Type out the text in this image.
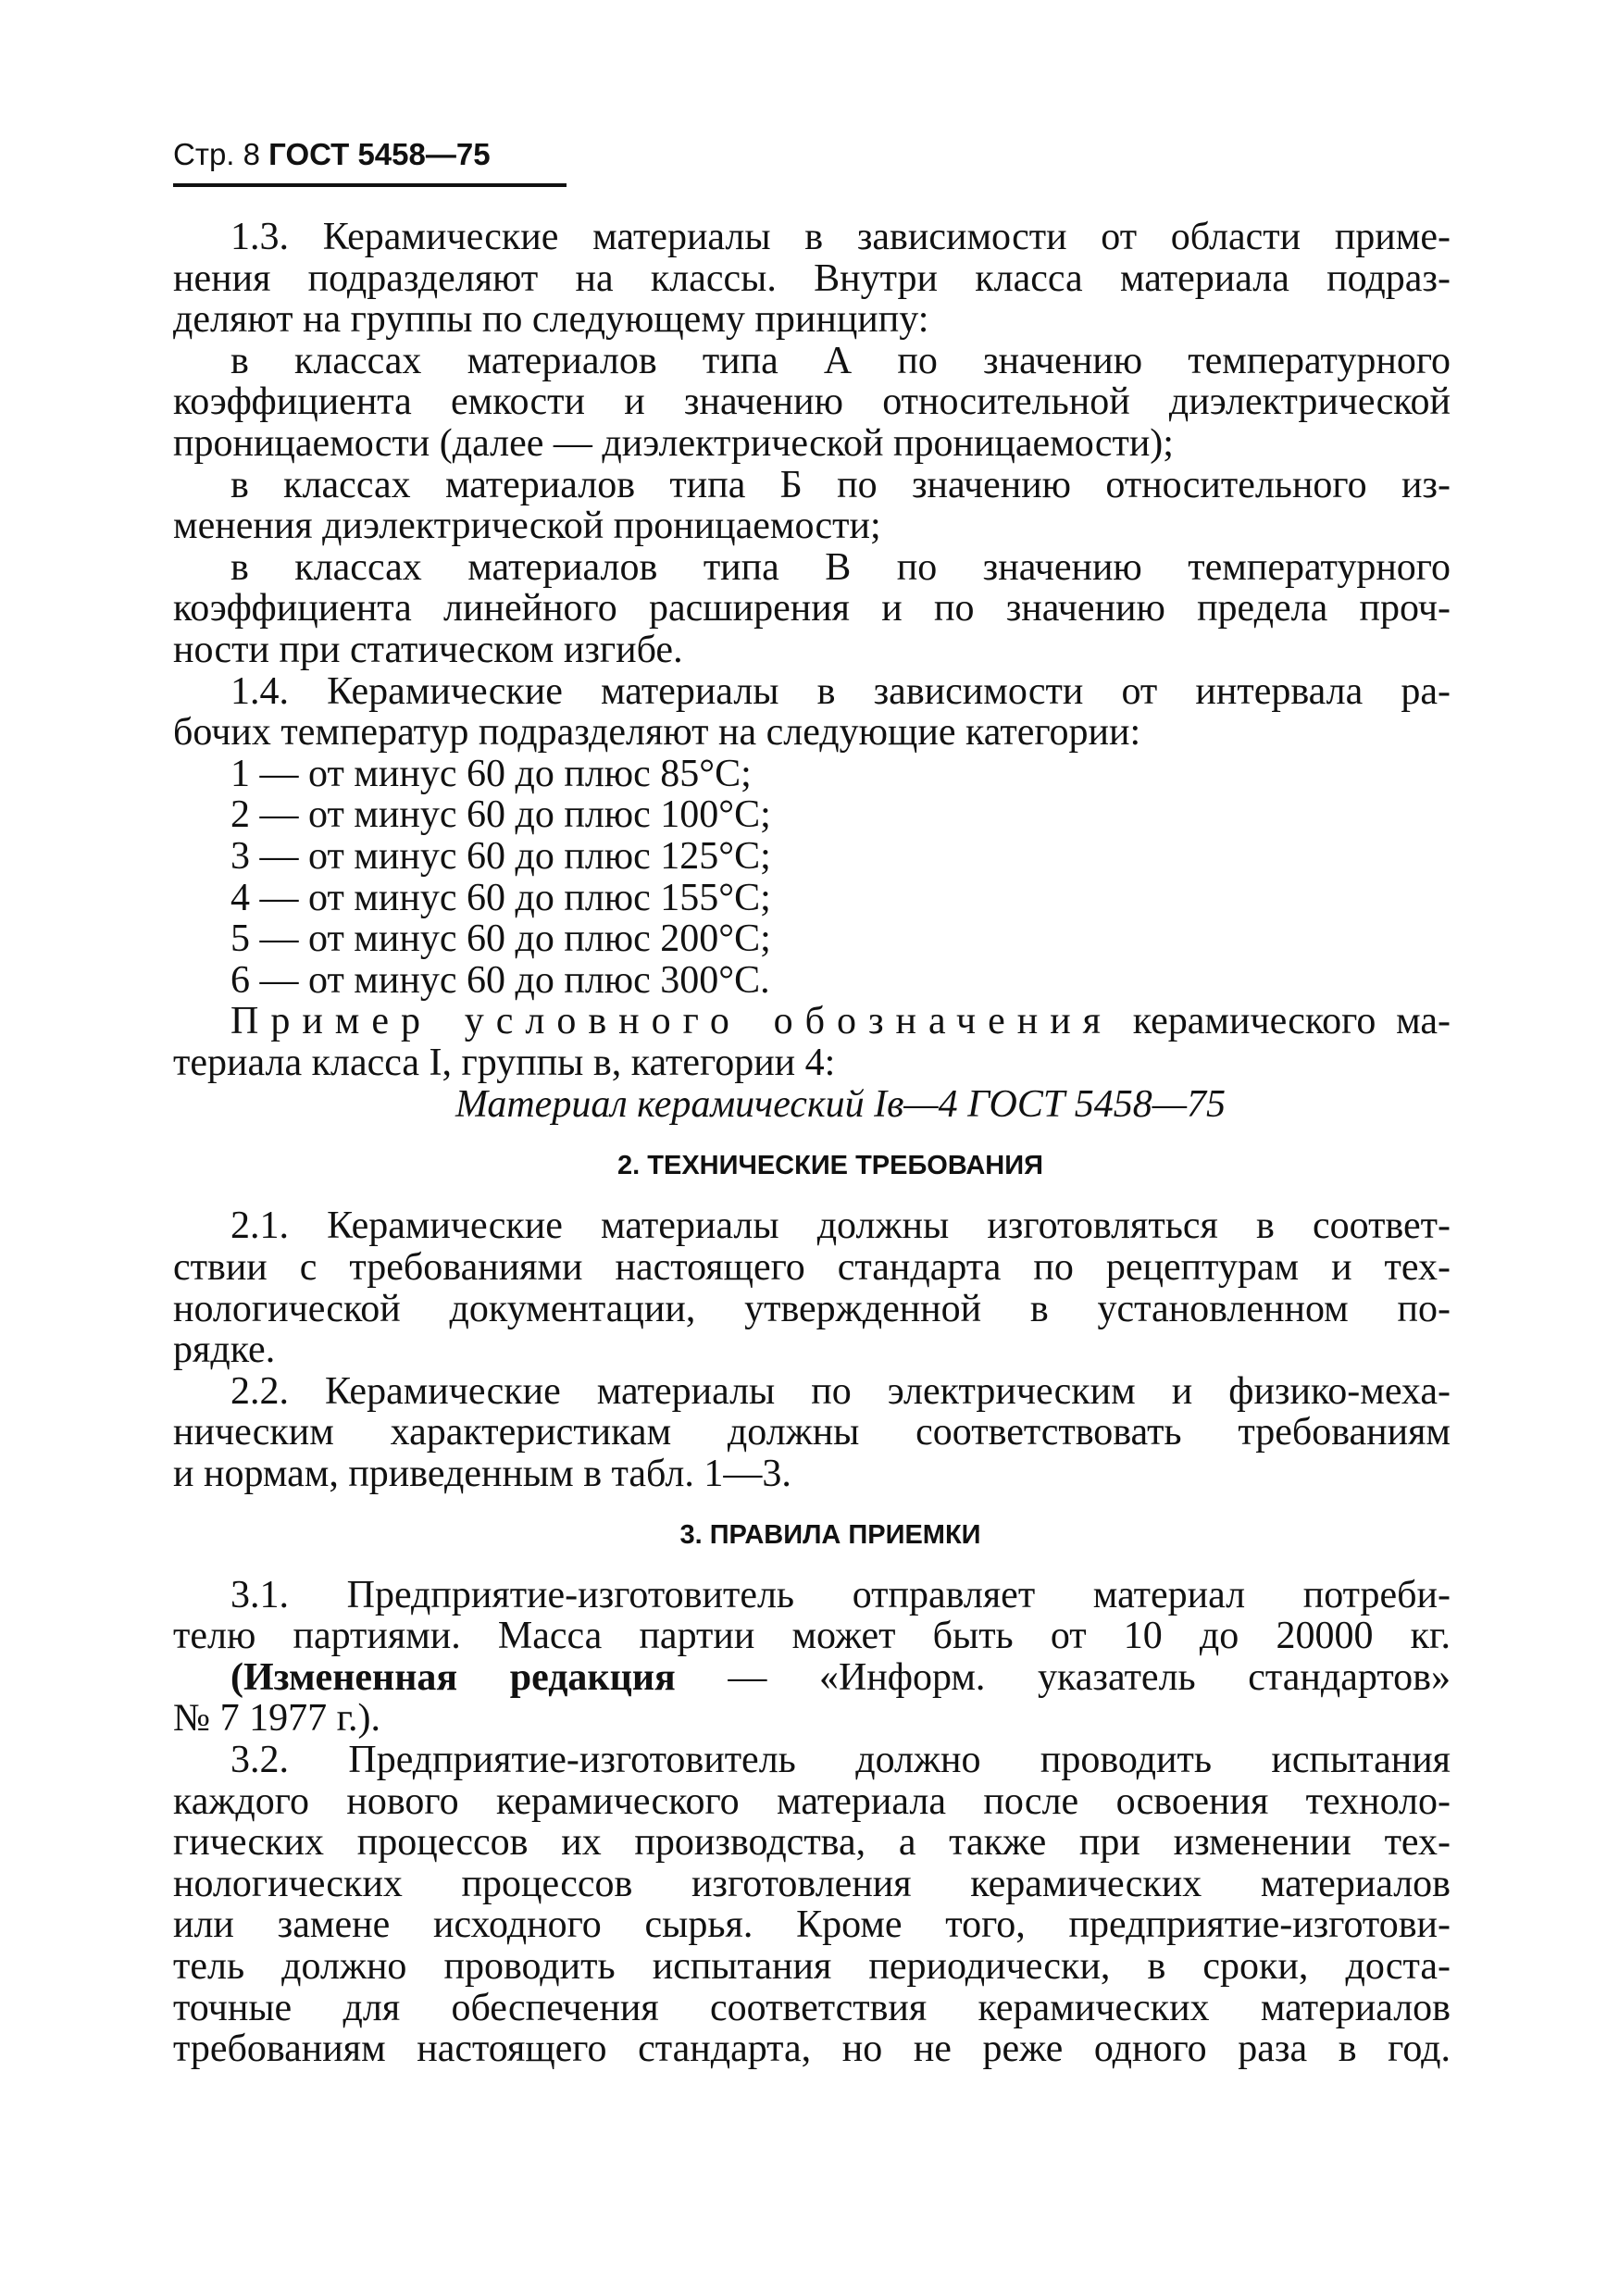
Стр. 8 ГОСТ 5458—75
1.3. Керамические материалы в зависимости от области приме-
нения подразделяют на классы. Внутри класса материала подраз-
деляют на группы по следующему принципу:
в классах материалов типа А по значению температурного
коэффициента емкости и значению относительной диэлектрической
проницаемости (далее — диэлектрической проницаемости);
в классах материалов типа Б по значению относительного из-
менения диэлектрической проницаемости;
в классах материалов типа В по значению температурного
коэффициента линейного расширения и по значению предела проч-
ности при статическом изгибе.
1.4. Керамические материалы в зависимости от интервала ра-
бочих температур подразделяют на следующие категории:
1 — от минус 60 до плюс 85°С;
2 — от минус 60 до плюс 100°С;
3 — от минус 60 до плюс 125°С;
4 — от минус 60 до плюс 155°С;
5 — от минус 60 до плюс 200°С;
6 — от минус 60 до плюс 300°С.
Пример условного обозначения керамического ма-
териала класса I, группы в, категории 4:
Материал керамический Iв—4 ГОСТ 5458—75
2. ТЕХНИЧЕСКИЕ ТРЕБОВАНИЯ
2.1. Керамические материалы должны изготовляться в соответ-
ствии с требованиями настоящего стандарта по рецептурам и тех-
нологической документации, утвержденной в установленном по-
рядке.
2.2. Керамические материалы по электрическим и физико-меха-
ническим характеристикам должны соответствовать требованиям
и нормам, приведенным в табл. 1—3.
3. ПРАВИЛА ПРИЕМКИ
3.1. Предприятие-изготовитель отправляет материал потреби-
телю партиями. Масса партии может быть от 10 до 20000 кг.
(Измененная редакция — «Информ. указатель стандартов»
№ 7 1977 г.).
3.2. Предприятие-изготовитель должно проводить испытания
каждого нового керамического материала после освоения техноло-
гических процессов их производства, а также при изменении тех-
нологических процессов изготовления керамических материалов
или замене исходного сырья. Кроме того, предприятие-изготови-
тель должно проводить испытания периодически, в сроки, доста-
точные для обеспечения соответствия керамических материалов
требованиям настоящего стандарта, но не реже одного раза в год.
